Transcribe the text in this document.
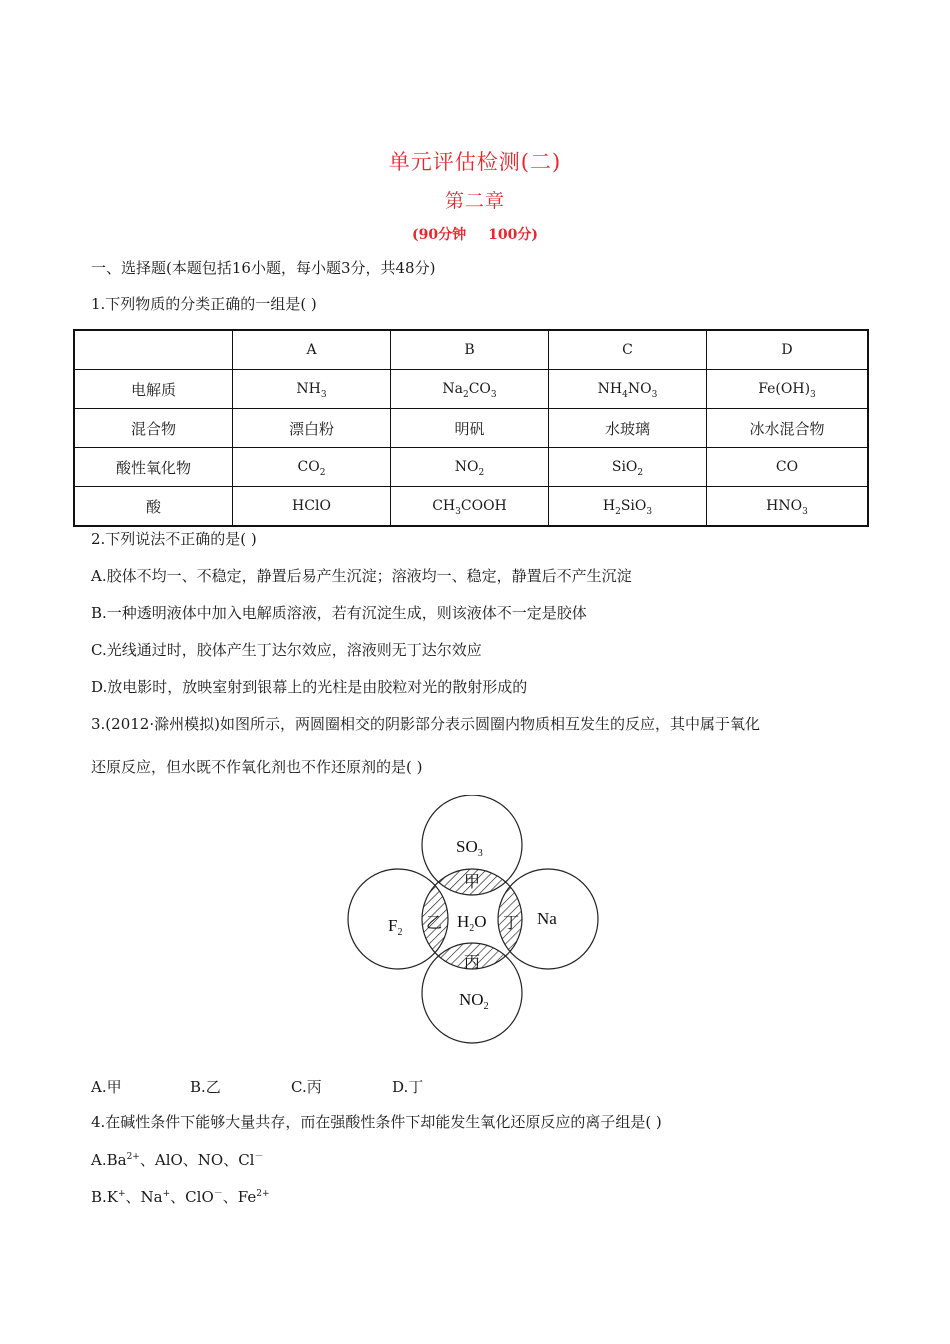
单元评估检测(二)
第二章
(90分钟 100分)
一、选择题(本题包括16小题，每小题3分，共48分)
1.下列物质的分类正确的一组是( )
	A	B	C	D
电解质	$NH_3$	$Na_2CO_3$	$NH_4NO_3$	$Fe(OH)_3$
混合物	漂白粉	明矾	水玻璃	冰水混合物
酸性氧化物	$CO_2$	$NO_2$	SiO$_2$	CO
酸	HClO	$CH_3COOH$	$H_2SiO_3$	$HNO_3$
2.下列说法不正确的是( )
A.胶体不均一、不稳定，静置后易产生沉淀；溶液均一、稳定，静置后不产生沉淀
B.一种透明液体中加入电解质溶液，若有沉淀生成，则该液体不一定是胶体
C.光线通过时，胶体产生丁达尔效应，溶液则无丁达尔效应
D.放电影时，放映室射到银幕上的光柱是由胶粒对光的散射形成的
3.(2012·滁州模拟)如图所示，两圆圈相交的阴影部分表示圆圈内物质相互发生的反应，其中属于氧化
还原反应，但水既不作氧化剂也不作还原剂的是( )
$SO_3$
$F_2$
Na
$NO_2$
$H_2O$
甲
乙	丁
丙
A.甲	B.乙	C.丙	D.丁
4.在碱性条件下能够大量共存，而在强酸性条件下却能发生氧化还原反应的离子组是( )
$A.Ba^{2+}$、AlO、NO、Cl－
B.K+、Na+、ClO－、$Fe^{2+}$
